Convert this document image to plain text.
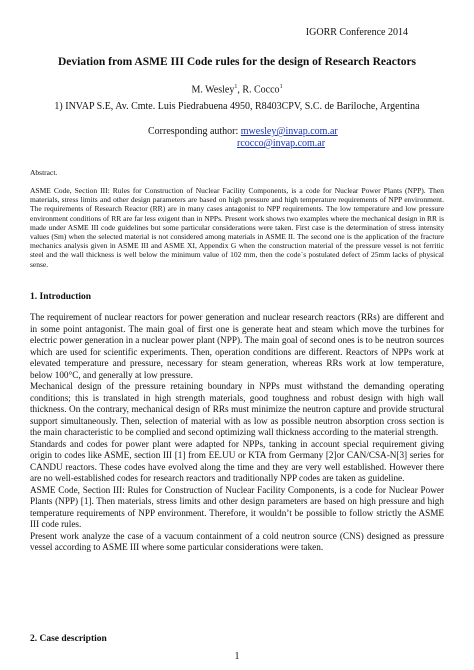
IGORR Conference 2014
Deviation from ASME III Code rules for the design of Research Reactors
M. Wesley$^1$, R. Cocco$^1$
1) INVAP S.E, Av. Cmte. Luis Piedrabuena 4950, R8403CPV, S.C. de Bariloche, Argentina
Corresponding author: mwesley@invap.com.ar
rcocco@invap.com.ar
Abstract.
ASME Code, Section III: Rules for Construction of Nuclear Facility Components, is a code for Nuclear Power Plants (NPP). Then materials, stress limits and other design parameters are based on high pressure and high temperature requirements of NPP environment. The requirements of Research Reactor (RR) are in many cases antagonist to NPP requirements. The low temperature and low pressure environment conditions of RR are far less exigent than in NPPs. Present work shows two examples where the mechanical design in RR is made under ASME III code guidelines but some particular considerations were taken. First case is the determination of stress intensity values (Sm) when the selected material is not considered among materials in ASME II. The second one is the application of the fracture mechanics analysis given in ASME III and ASME XI, Appendix G when the construction material of the pressure vessel is not ferritic steel and the wall thickness is well below the minimum value of 102 mm, then the code´s postulated defect of 25mm lacks of physical sense.
1. Introduction

The requirement of nuclear reactors for power generation and nuclear research reactors (RRs) are different and in some point antagonist. The main goal of first one is generate heat and steam which move the turbines for electric power generation in a nuclear power plant (NPP). The main goal of second ones is to be neutron sources which are used for scientific experiments. Then, operation conditions are different. Reactors of NPPs work at elevated temperature and pressure, necessary for steam generation, whereas RRs work at low temperature, below 100°C, and generally at low pressure.

Mechanical design of the pressure retaining boundary in NPPs must withstand the demanding operating conditions; this is translated in high strength materials, good toughness and robust design with high wall thickness. On the contrary, mechanical design of RRs must minimize the neutron capture and provide structural support simultaneously. Then, selection of material with as low as possible neutron absorption cross section is the main characteristic to be complied and second optimizing wall thickness according to the material strength.

Standards and codes for power plant were adapted for NPPs, tanking in account special requirement giving origin to codes like ASME, section III [1] from EE.UU or KTA from Germany [2]or CAN/CSA-N[3] series for CANDU reactors. These codes have evolved along the time and they are very well established. However there are no well-established codes for research reactors and traditionally NPP codes are taken as guideline.

ASME Code, Section III: Rules for Construction of Nuclear Facility Components, is a code for Nuclear Power Plants (NPP) [1]. Then materials, stress limits and other design parameters are based on high pressure and high temperature requirements of NPP environment. Therefore, it wouldn’t be possible to follow strictly the ASME III code rules.

Present work analyze the case of a vacuum containment of a cold neutron source (CNS) designed as pressure vessel according to ASME III where some particular considerations were taken.

2. Case description
1
